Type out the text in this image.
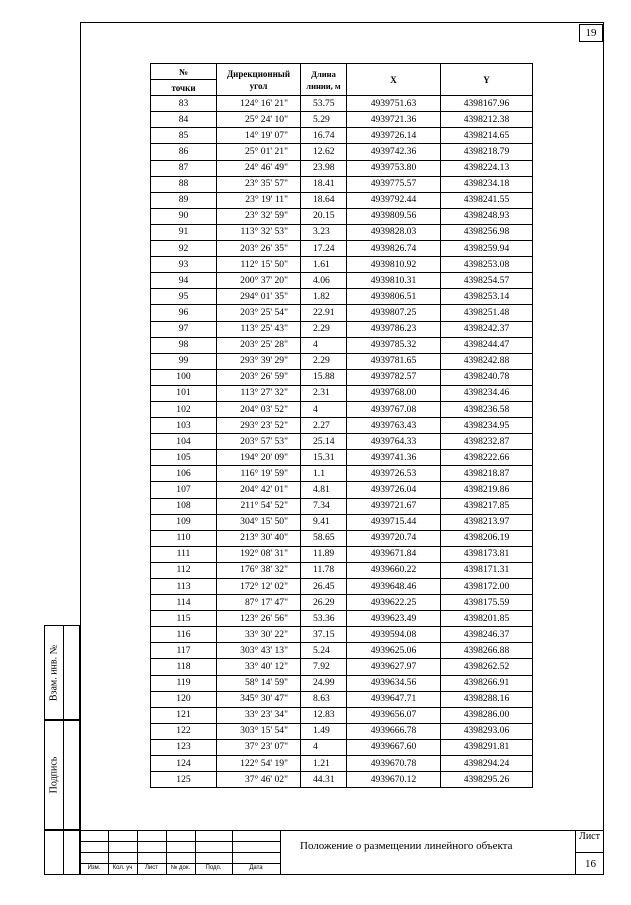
19
Взам. инв. №
Подпись
№	Дирекционный угол	Длина линии, м	X	Y
точки				
83	124° 16' 21"	53.75	4939751.63	4398167.96
84	25° 24' 10"	5.29	4939721.36	4398212.38
85	14° 19' 07"	16.74	4939726.14	4398214.65
86	25° 01' 21"	12.62	4939742.36	4398218.79
87	24° 46' 49"	23.98	4939753.80	4398224.13
88	23° 35' 57"	18.41	4939775.57	4398234.18
89	23° 19' 11"	18.64	4939792.44	4398241.55
90	23° 32' 59"	20.15	4939809.56	4398248.93
91	113° 32' 53"	3.23	4939828.03	4398256.98
92	203° 26' 35"	17.24	4939826.74	4398259.94
93	112° 15' 50"	1.61	4939810.92	4398253.08
94	200° 37' 20"	4.06	4939810.31	4398254.57
95	294° 01' 35"	1.82	4939806.51	4398253.14
96	203° 25' 54"	22.91	4939807.25	4398251.48
97	113° 25' 43"	2.29	4939786.23	4398242.37
98	203° 25' 28"	4	4939785.32	4398244.47
99	293° 39' 29"	2.29	4939781.65	4398242.88
100	203° 26' 59"	15.88	4939782.57	4398240.78
101	113° 27' 32"	2.31	4939768.00	4398234.46
102	204° 03' 52"	4	4939767.08	4398236.58
103	293° 23' 52"	2.27	4939763.43	4398234.95
104	203° 57' 53"	25.14	4939764.33	4398232.87
105	194° 20' 09"	15.31	4939741.36	4398222.66
106	116° 19' 59"	1.1	4939726.53	4398218.87
107	204° 42' 01"	4.81	4939726.04	4398219.86
108	211° 54' 52"	7.34	4939721.67	4398217.85
109	304° 15' 50"	9.41	4939715.44	4398213.97
110	213° 30' 40"	58.65	4939720.74	4398206.19
111	192° 08' 31"	11.89	4939671.84	4398173.81
112	176° 38' 32"	11.78	4939660.22	4398171.31
113	172° 12' 02"	26.45	4939648.46	4398172.00
114	87° 17' 47"	26.29	4939622.25	4398175.59
115	123° 26' 56"	53.36	4939623.49	4398201.85
116	33° 30' 22"	37.15	4939594.08	4398246.37
117	303° 43' 13"	5.24	4939625.06	4398266.88
118	33° 40' 12"	7.92	4939627.97	4398262.52
119	58° 14' 59"	24.99	4939634.56	4398266.91
120	345° 30' 47"	8.63	4939647.71	4398288.16
121	33° 23' 34"	12.83	4939656.07	4398286.00
122	303° 15' 54"	1.49	4939666.78	4398293.06
123	37° 23' 07"	4	4939667.60	4398291.81
124	122° 54' 19"	1.21	4939670.78	4398294.24
125	37° 46' 02"	44.31	4939670.12	4398295.26
Изм.	Кол. уч	Лист	№ док.	Подп.	Дата
Положение о размещении линейного объекта
Лист
16
